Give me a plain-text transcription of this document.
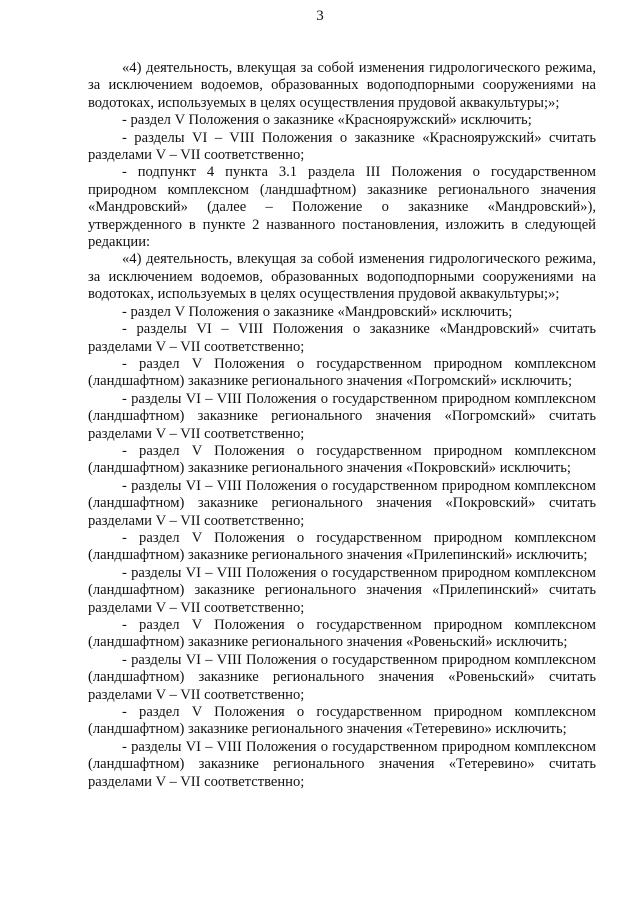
3

«4) деятельность, влекущая за собой изменения гидрологического режима, за исключением водоемов, образованных водоподпорными сооружениями на водотоках, используемых в целях осуществления прудовой аквакультуры;»;

- раздел V Положения о заказнике «Краснояружский» исключить;

- разделы VI – VIII Положения о заказнике «Краснояружский» считать разделами V – VII соответственно;

- подпункт 4 пункта 3.1 раздела III Положения о государственном природном комплексном (ландшафтном) заказнике регионального значения «Мандровский» (далее – Положение о заказнике «Мандровский»), утвержденного в пункте 2 названного постановления, изложить в следующей редакции:

«4) деятельность, влекущая за собой изменения гидрологического режима, за исключением водоемов, образованных водоподпорными сооружениями на водотоках, используемых в целях осуществления прудовой аквакультуры;»;

- раздел V Положения о заказнике «Мандровский» исключить;

- разделы VI – VIII Положения о заказнике «Мандровский» считать разделами V – VII соответственно;

- раздел V Положения о государственном природном комплексном (ландшафтном) заказнике регионального значения «Погромский» исключить;

- разделы VI – VIII Положения о государственном природном комплексном (ландшафтном) заказнике регионального значения «Погромский» считать разделами V – VII соответственно;

- раздел V Положения о государственном природном комплексном (ландшафтном) заказнике регионального значения «Покровский» исключить;

- разделы VI – VIII Положения о государственном природном комплексном (ландшафтном) заказнике регионального значения «Покровский» считать разделами V – VII соответственно;

- раздел V Положения о государственном природном комплексном (ландшафтном) заказнике регионального значения «Прилепинский» исключить;

- разделы VI – VIII Положения о государственном природном комплексном (ландшафтном) заказнике регионального значения «Прилепинский» считать разделами V – VII соответственно;

- раздел V Положения о государственном природном комплексном (ландшафтном) заказнике регионального значения «Ровеньский» исключить;

- разделы VI – VIII Положения о государственном природном комплексном (ландшафтном) заказнике регионального значения «Ровеньский» считать разделами V – VII соответственно;

- раздел V Положения о государственном природном комплексном (ландшафтном) заказнике регионального значения «Тетеревино» исключить;

- разделы VI – VIII Положения о государственном природном комплексном (ландшафтном) заказнике регионального значения «Тетеревино» считать разделами V – VII соответственно;
